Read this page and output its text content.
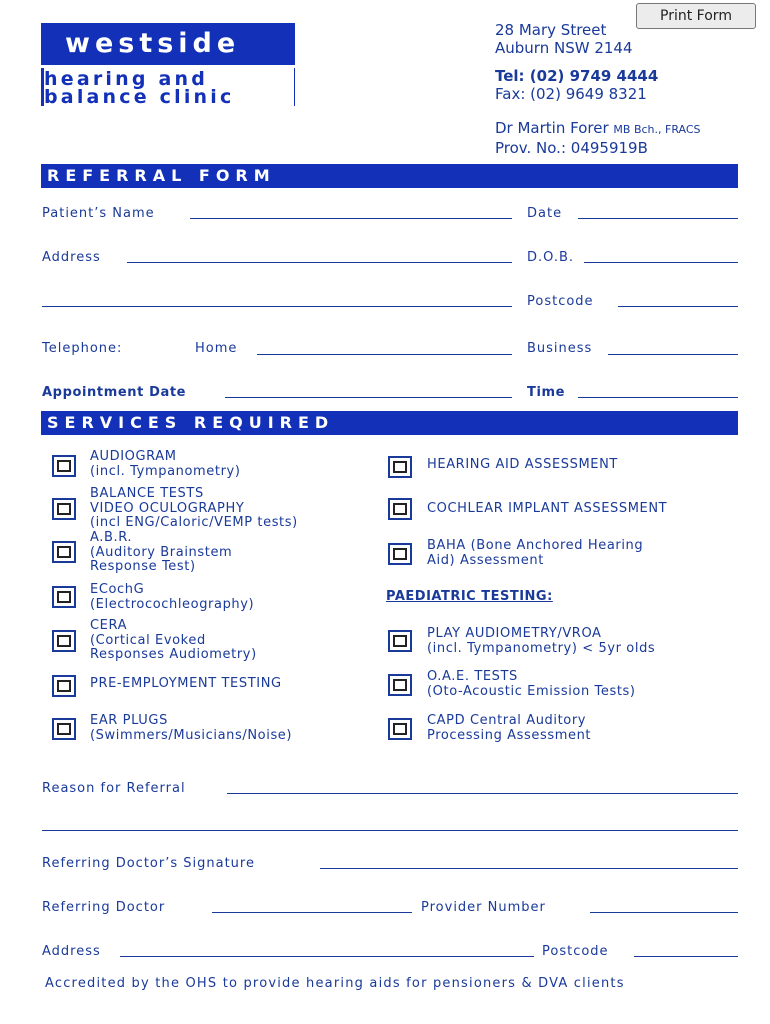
westside
hearing and
balance clinic
Print Form
28 Mary Street
Auburn NSW 2144
Tel: (02) 9749 4444
Fax: (02) 9649 8321
Dr Martin Forer MB Bch., FRACS
Prov. No.: 0495919B
REFERRAL FORM
Patient’s Name	Date
Address	D.O.B.
Postcode
Telephone:	Home	Business
Appointment Date	Time
SERVICES REQUIRED
AUDIOGRAM
(incl. Tympanometry)
BALANCE TESTS
VIDEO OCULOGRAPHY
(incl ENG/Caloric/VEMP tests)
A.B.R.
(Auditory Brainstem
Response Test)
ECochG
(Electrocochleography)
CERA
(Cortical Evoked
Responses Audiometry)
PRE-EMPLOYMENT TESTING
EAR PLUGS
(Swimmers/Musicians/Noise)
HEARING AID ASSESSMENT
COCHLEAR IMPLANT ASSESSMENT
BAHA (Bone Anchored Hearing
Aid) Assessment
PAEDIATRIC TESTING:
PLAY AUDIOMETRY/VROA
(incl. Tympanometry) < 5yr olds
O.A.E. TESTS
(Oto-Acoustic Emission Tests)
CAPD Central Auditory
Processing Assessment
Reason for Referral
Referring Doctor’s Signature
Referring Doctor	Provider Number
Address	Postcode
Accredited by the OHS to provide hearing aids for pensioners & DVA clients
